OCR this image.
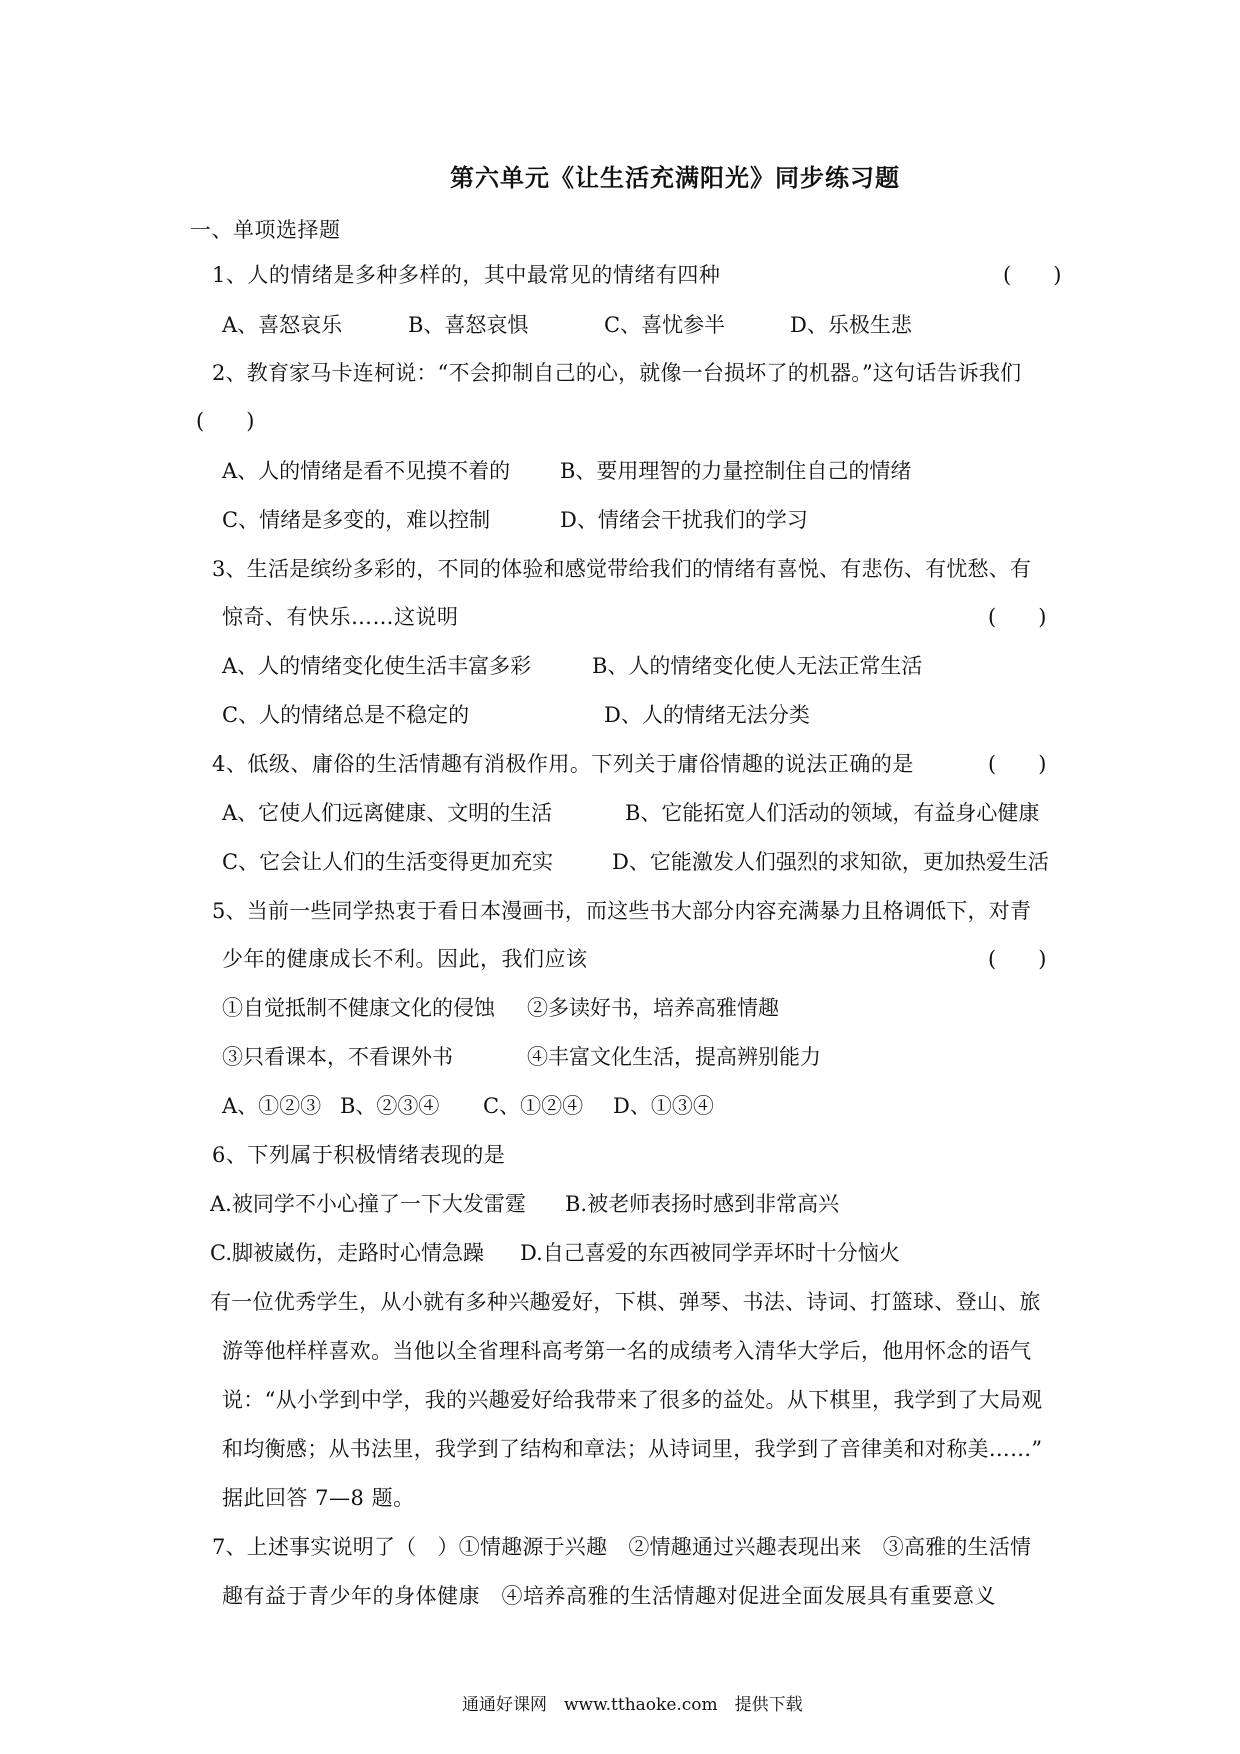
第六单元《让生活充满阳光》同步练习题
一、单项选择题
1、人的情绪是多种多样的，其中最常见的情绪有四种	(　　)
A、喜怒哀乐	B、喜怒哀惧	C、喜忧参半	D、乐极生悲
2、教育家马卡连柯说：“不会抑制自己的心，就像一台损坏了的机器。”这句话告诉我们
(　　)
A、人的情绪是看不见摸不着的 B、要用理智的力量控制住自己的情绪
C、情绪是多变的，难以控制	D、情绪会干扰我们的学习
3、生活是缤纷多彩的，不同的体验和感觉带给我们的情绪有喜悦、有悲伤、有忧愁、有
惊奇、有快乐……这说明	(　　)
A、人的情绪变化使生活丰富多彩	B、人的情绪变化使人无法正常生活
C、人的情绪总是不稳定的	D、人的情绪无法分类
4、低级、庸俗的生活情趣有消极作用。下列关于庸俗情趣的说法正确的是	(　　)
A、它使人们远离健康、文明的生活	B、它能拓宽人们活动的领域，有益身心健康
C、它会让人们的生活变得更加充实	D、它能激发人们强烈的求知欲，更加热爱生活
5、当前一些同学热衷于看日本漫画书，而这些书大部分内容充满暴力且格调低下，对青
少年的健康成长不利。因此，我们应该	(　　)
①自觉抵制不健康文化的侵蚀 ②多读好书，培养高雅情趣
③只看课本，不看课外书	④丰富文化生活，提高辨别能力
A、①②③ B、②③④ C、①②④ D、①③④
6、下列属于积极情绪表现的是
A.被同学不小心撞了一下大发雷霆 B.被老师表扬时感到非常高兴
C.脚被崴伤，走路时心情急躁 D.自己喜爱的东西被同学弄坏时十分恼火
有一位优秀学生，从小就有多种兴趣爱好，下棋、弹琴、书法、诗词、打篮球、登山、旅
游等他样样喜欢。当他以全省理科高考第一名的成绩考入清华大学后，他用怀念的语气
说：“从小学到中学，我的兴趣爱好给我带来了很多的益处。从下棋里，我学到了大局观
和均衡感；从书法里，我学到了结构和章法；从诗词里，我学到了音律美和对称美……”
据此回答 7—8 题。
7、上述事实说明了（　）①情趣源于兴趣　②情趣通过兴趣表现出来　③高雅的生活情
趣有益于青少年的身体健康　④培养高雅的生活情趣对促进全面发展具有重要意义
通通好课网　www.tthaoke.com　提供下载
